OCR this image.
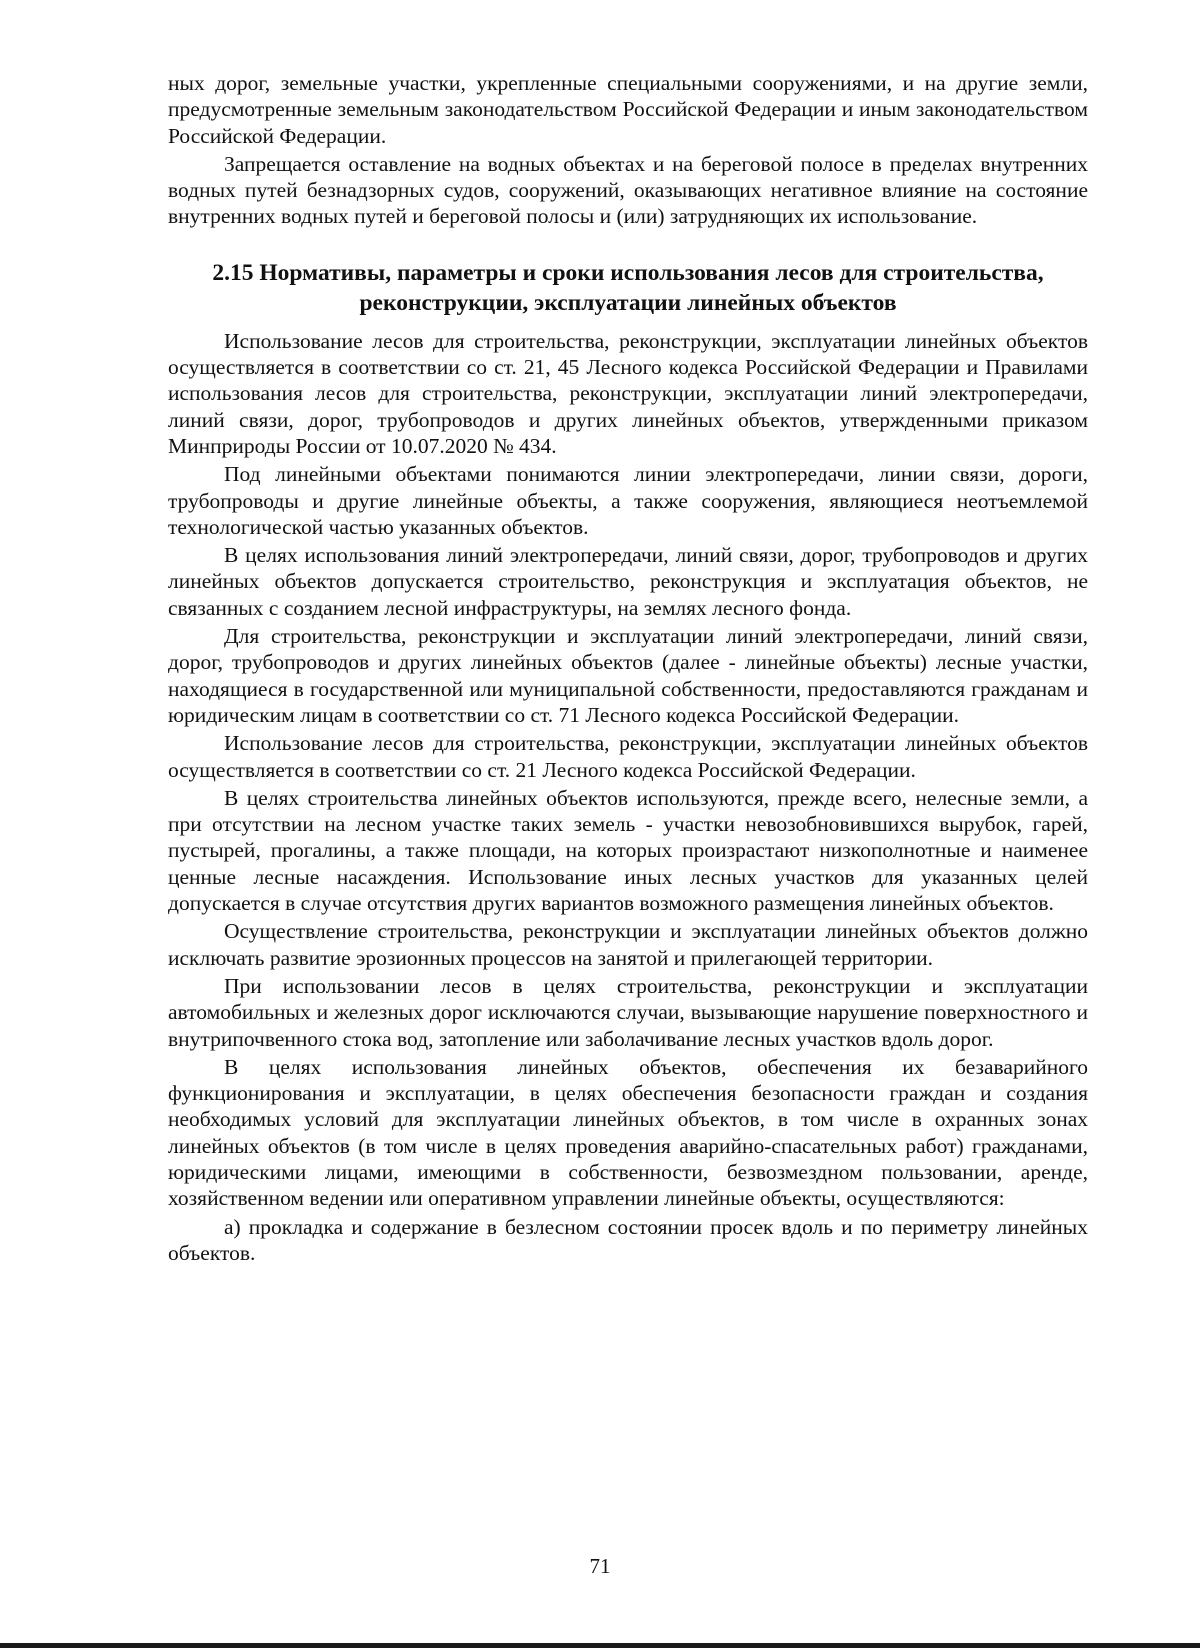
ных дорог, земельные участки, укрепленные специальными сооружениями, и на другие земли, предусмотренные земельным законодательством Российской Федерации и иным законодательством Российской Федерации.

Запрещается оставление на водных объектах и на береговой полосе в пределах внутренних водных путей безнадзорных судов, сооружений, оказывающих негативное влияние на состояние внутренних водных путей и береговой полосы и (или) затрудняющих их использование.

2.15 Нормативы, параметры и сроки использования лесов для строительства,
реконструкции, эксплуатации линейных объектов

Использование лесов для строительства, реконструкции, эксплуатации линейных объектов осуществляется в соответствии со ст. 21, 45 Лесного кодекса Российской Федерации и Правилами использования лесов для строительства, реконструкции, эксплуатации линий электропередачи, линий связи, дорог, трубопроводов и других линейных объектов, утвержденными приказом Минприроды России от 10.07.2020 № 434.

Под линейными объектами понимаются линии электропередачи, линии связи, дороги, трубопроводы и другие линейные объекты, а также сооружения, являющиеся неотъемлемой технологической частью указанных объектов.

В целях использования линий электропередачи, линий связи, дорог, трубопроводов и других линейных объектов допускается строительство, реконструкция и эксплуатация объектов, не связанных с созданием лесной инфраструктуры, на землях лесного фонда.

Для строительства, реконструкции и эксплуатации линий электропередачи, линий связи, дорог, трубопроводов и других линейных объектов (далее - линейные объекты) лесные участки, находящиеся в государственной или муниципальной собственности, предоставляются гражданам и юридическим лицам в соответствии со ст. 71 Лесного кодекса Российской Федерации.

Использование лесов для строительства, реконструкции, эксплуатации линейных объектов осуществляется в соответствии со ст. 21 Лесного кодекса Российской Федерации.

В целях строительства линейных объектов используются, прежде всего, нелесные земли, а при отсутствии на лесном участке таких земель - участки невозобновившихся вырубок, гарей, пустырей, прогалины, а также площади, на которых произрастают низкополнотные и наименее ценные лесные насаждения. Использование иных лесных участков для указанных целей допускается в случае отсутствия других вариантов возможного размещения линейных объектов.

Осуществление строительства, реконструкции и эксплуатации линейных объектов должно исключать развитие эрозионных процессов на занятой и прилегающей территории.

При использовании лесов в целях строительства, реконструкции и эксплуатации автомобильных и железных дорог исключаются случаи, вызывающие нарушение поверхностного и внутрипочвенного стока вод, затопление или заболачивание лесных участков вдоль дорог.

В целях использования линейных объектов, обеспечения их безаварийного функционирования и эксплуатации, в целях обеспечения безопасности граждан и создания необходимых условий для эксплуатации линейных объектов, в том числе в охранных зонах линейных объектов (в том числе в целях проведения аварийно-спасательных работ) гражданами, юридическими лицами, имеющими в собственности, безвозмездном пользовании, аренде, хозяйственном ведении или оперативном управлении линейные объекты, осуществляются:

а) прокладка и содержание в безлесном состоянии просек вдоль и по периметру линейных объектов.

71
